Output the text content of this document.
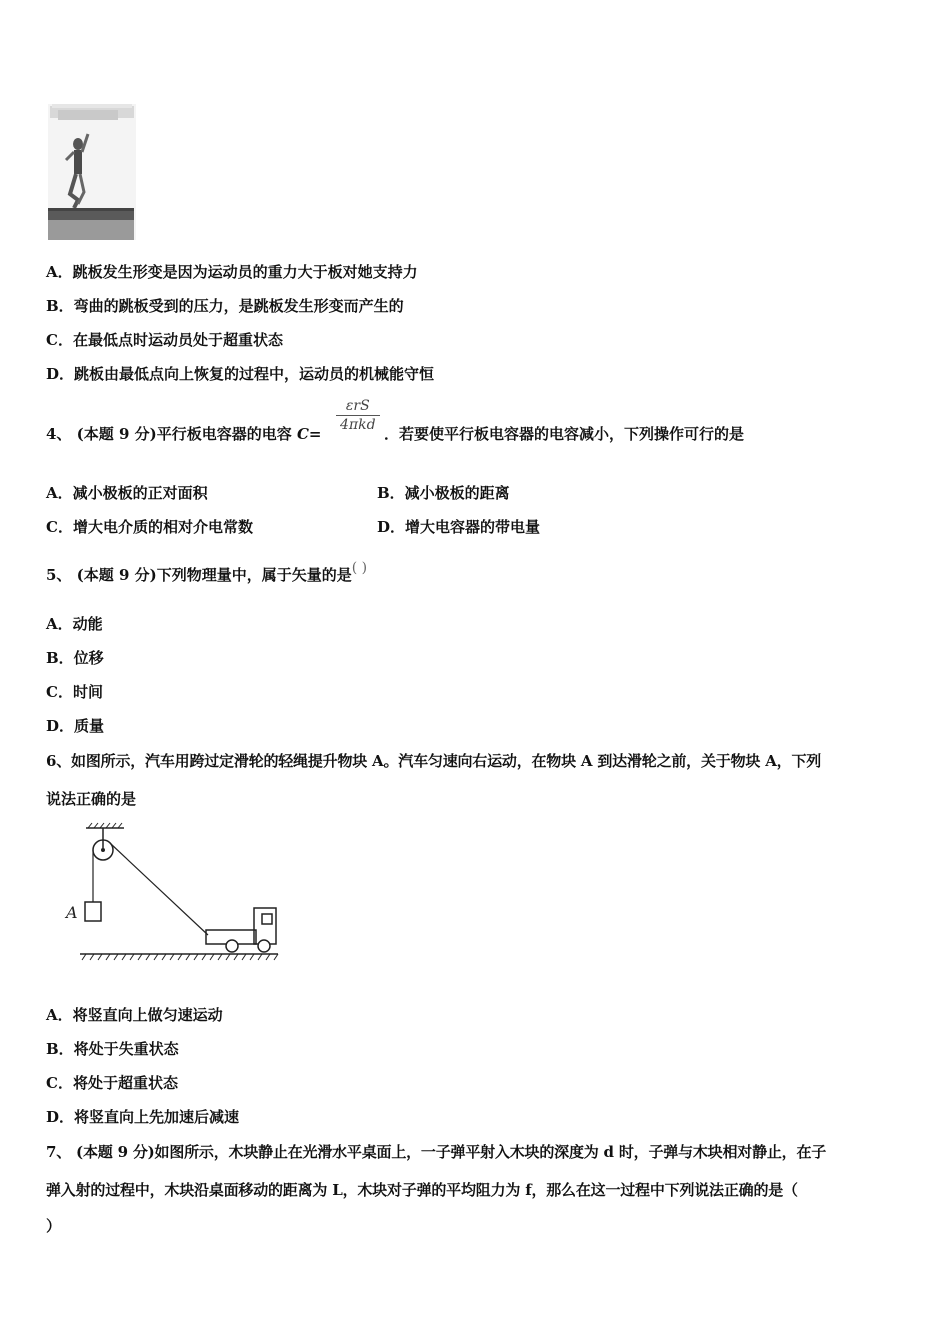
A．跳板发生形变是因为运动员的重力大于板对她支持力
B．弯曲的跳板受到的压力，是跳板发生形变而产生的
C．在最低点时运动员处于超重状态
D．跳板由最低点向上恢复的过程中，运动员的机械能守恒
4、 (本题 9 分)平行板电容器的电容 C=
εrS
4πkd ．若要使平行板电容器的电容减小，下列操作可行的是
A．减小极板的正对面积	B．减小极板的距离
C．增大电介质的相对介电常数	D．增大电容器的带电量
5、 (本题 9 分)下列物理量中，属于矢量的是( )
A．动能
B．位移
C．时间
D．质量
6、如图所示，汽车用跨过定滑轮的轻绳提升物块 A。汽车匀速向右运动，在物块 A 到达滑轮之前，关于物块 A，下列
说法正确的是
A
A．将竖直向上做匀速运动
B．将处于失重状态
C．将处于超重状态
D．将竖直向上先加速后减速
7、 (本题 9 分)如图所示，木块静止在光滑水平桌面上，一子弹平射入木块的深度为 d 时，子弹与木块相对静止，在子
弹入射的过程中，木块沿桌面移动的距离为 L，木块对子弹的平均阻力为 f，那么在这一过程中下列说法正确的是（
）
